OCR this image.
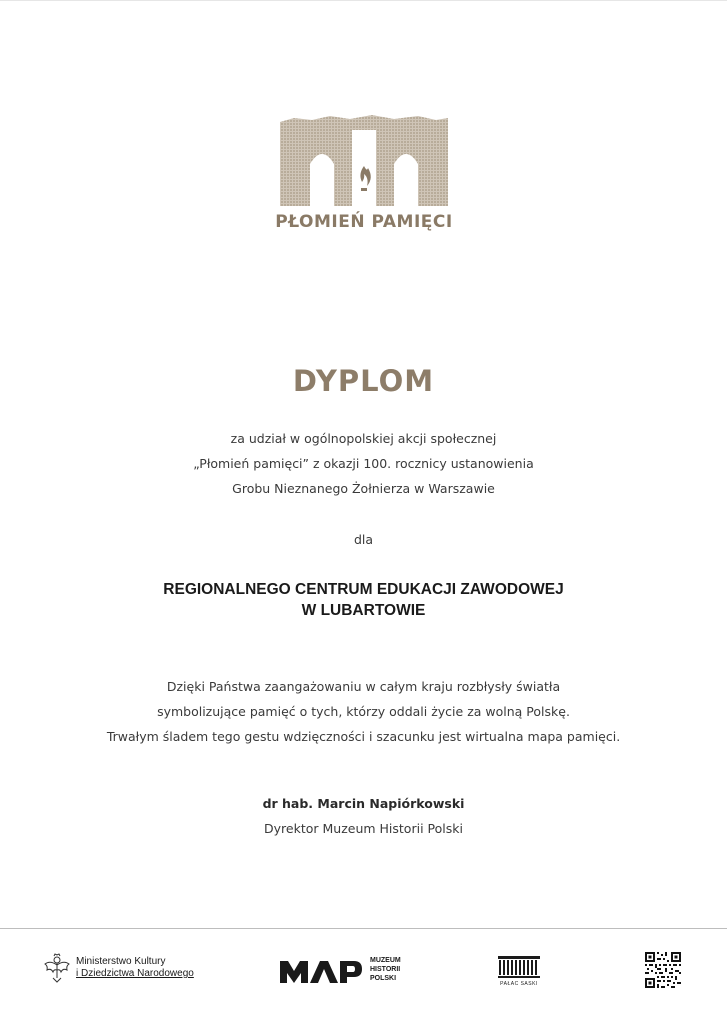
PŁOMIEŃ PAMIĘCI
DYPLOM
za udział w ogólnopolskiej akcji społecznej
„Płomień pamięci” z okazji 100. rocznicy ustanowienia
Grobu Nieznanego Żołnierza w Warszawie
dla
REGIONALNEGO CENTRUM EDUKACJI ZAWODOWEJ
W LUBARTOWIE
Dzięki Państwa zaangażowaniu w całym kraju rozbłysły światła
symbolizujące pamięć o tych, którzy oddali życie za wolną Polskę.
Trwałym śladem tego gestu wdzięczności i szacunku jest wirtualna mapa pamięci.
dr hab. Marcin Napiórkowski
Dyrektor Muzeum Historii Polski
Ministerstwo Kultury
i Dziedzictwa Narodowego
MUZEUM
HISTORII
POLSKI
PAŁAC SASKI
